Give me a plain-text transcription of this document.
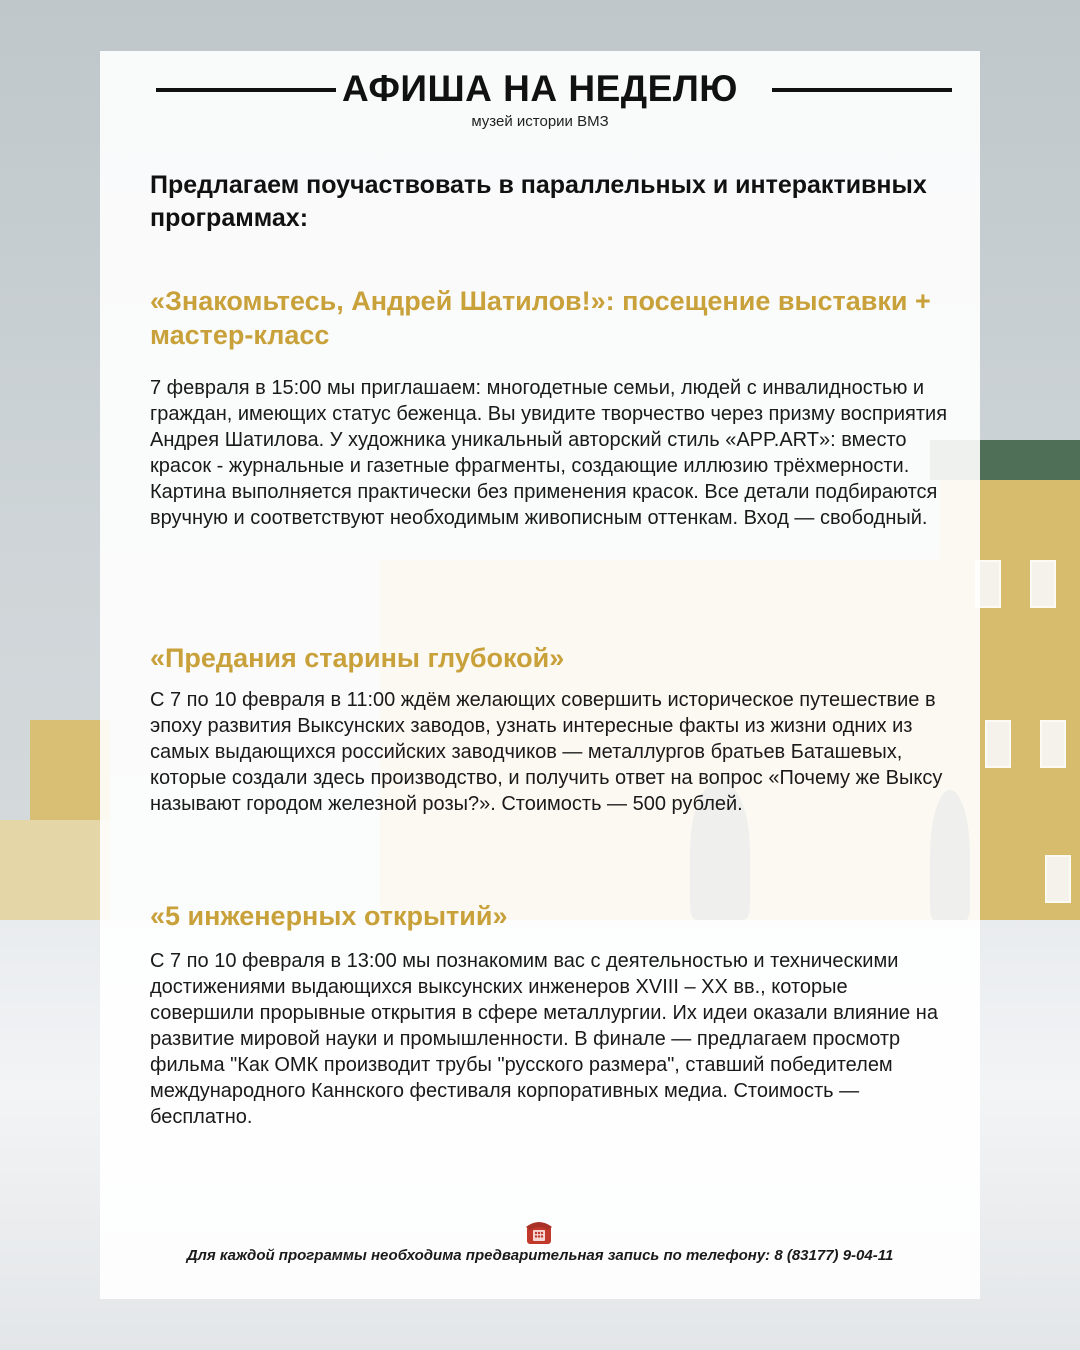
АФИША НА НЕДЕЛЮ
музей истории ВМЗ

Предлагаем поучаствовать в параллельных и интерактивных программах:

«Знакомьтесь, Андрей Шатилов!»: посещение выставки + мастер-класс

7 февраля в 15:00 мы приглашаем: многодетные семьи, людей с инвалидностью и граждан, имеющих статус беженца. Вы увидите творчество через призму восприятия Андрея Шатилова. У художника уникальный авторский стиль «APP.ART»: вместо красок - журнальные и газетные фрагменты, создающие иллюзию трёхмерности. Картина выполняется практически без применения красок. Все детали подбираются вручную и соответствуют необходимым живописным оттенкам. Вход — свободный.

«Предания старины глубокой»

С 7 по 10 февраля в 11:00 ждём желающих совершить историческое путешествие в эпоху развития Выксунских заводов, узнать интересные факты из жизни одних из самых выдающихся российских заводчиков — металлургов братьев Баташевых, которые создали здесь производство, и получить ответ на вопрос «Почему же Выксу называют городом железной розы?». Стоимость — 500 рублей.

«5 инженерных открытий»

С 7 по 10 февраля в 13:00 мы познакомим вас с деятельностью и техническими достижениями выдающихся выксунских инженеров XVIII – XX вв., которые совершили прорывные открытия в сфере металлургии. Их идеи оказали влияние на развитие мировой науки и промышленности. В финале — предлагаем просмотр фильма "Как ОМК производит трубы "русского размера", ставший победителем международного Каннского фестиваля корпоративных медиа. Стоимость — бесплатно.

Для каждой программы необходима предварительная запись по телефону: 8 (83177) 9-04-11
